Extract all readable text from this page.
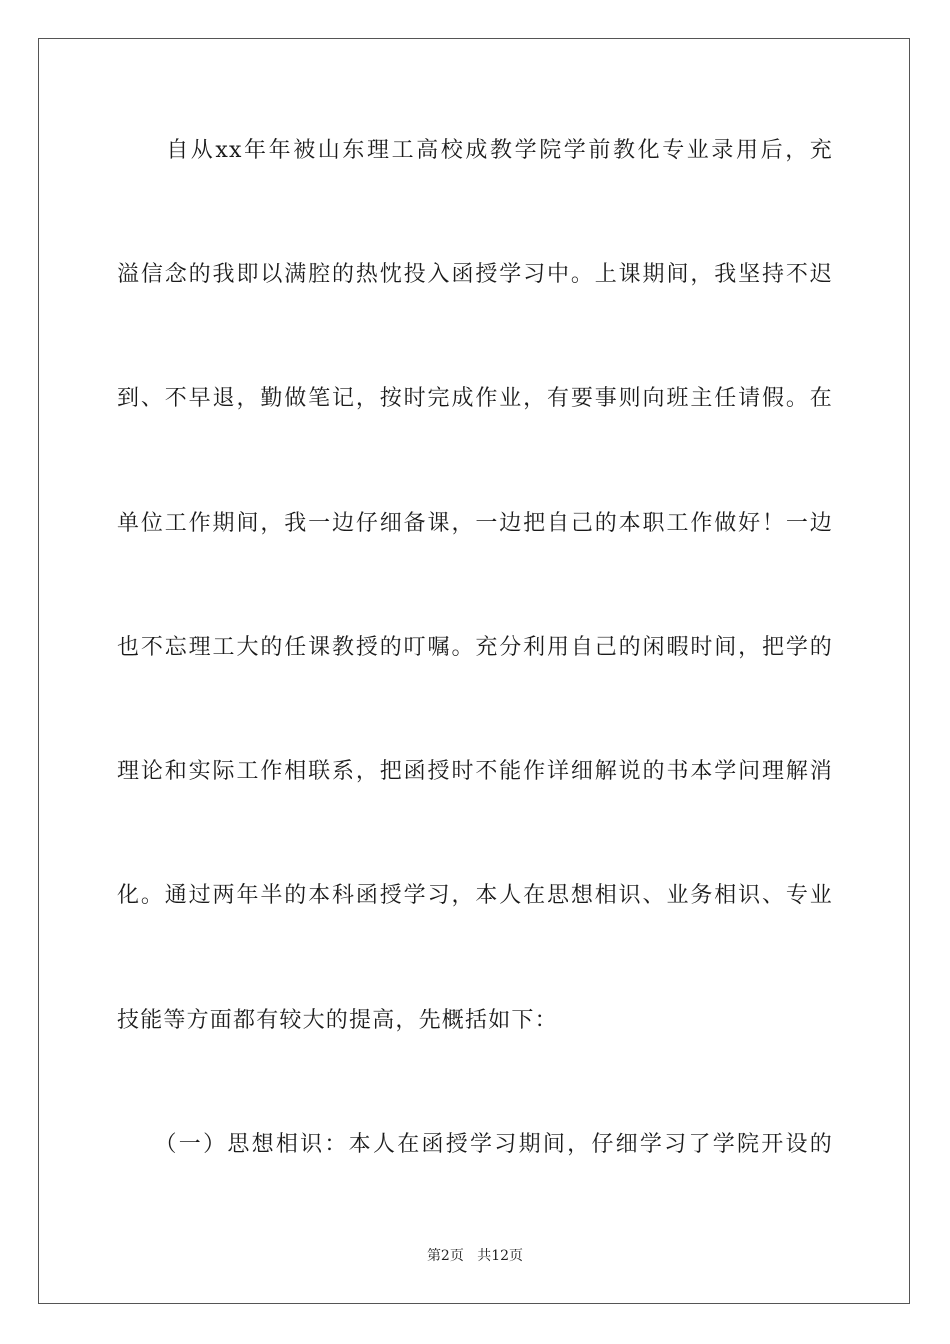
　　自从xx年年被山东理工高校成教学院学前教化专业录用后，充
溢信念的我即以满腔的热忱投入函授学习中。上课期间，我坚持不迟
到、不早退，勤做笔记，按时完成作业，有要事则向班主任请假。在
单位工作期间，我一边仔细备课，一边把自己的本职工作做好！一边
也不忘理工大的任课教授的叮嘱。充分利用自己的闲暇时间，把学的
理论和实际工作相联系，把函授时不能作详细解说的书本学问理解消
化。通过两年半的本科函授学习，本人在思想相识、业务相识、专业
技能等方面都有较大的提高，先概括如下：
　　（一）思想相识：本人在函授学习期间，仔细学习了学院开设的
第2页 共12页
